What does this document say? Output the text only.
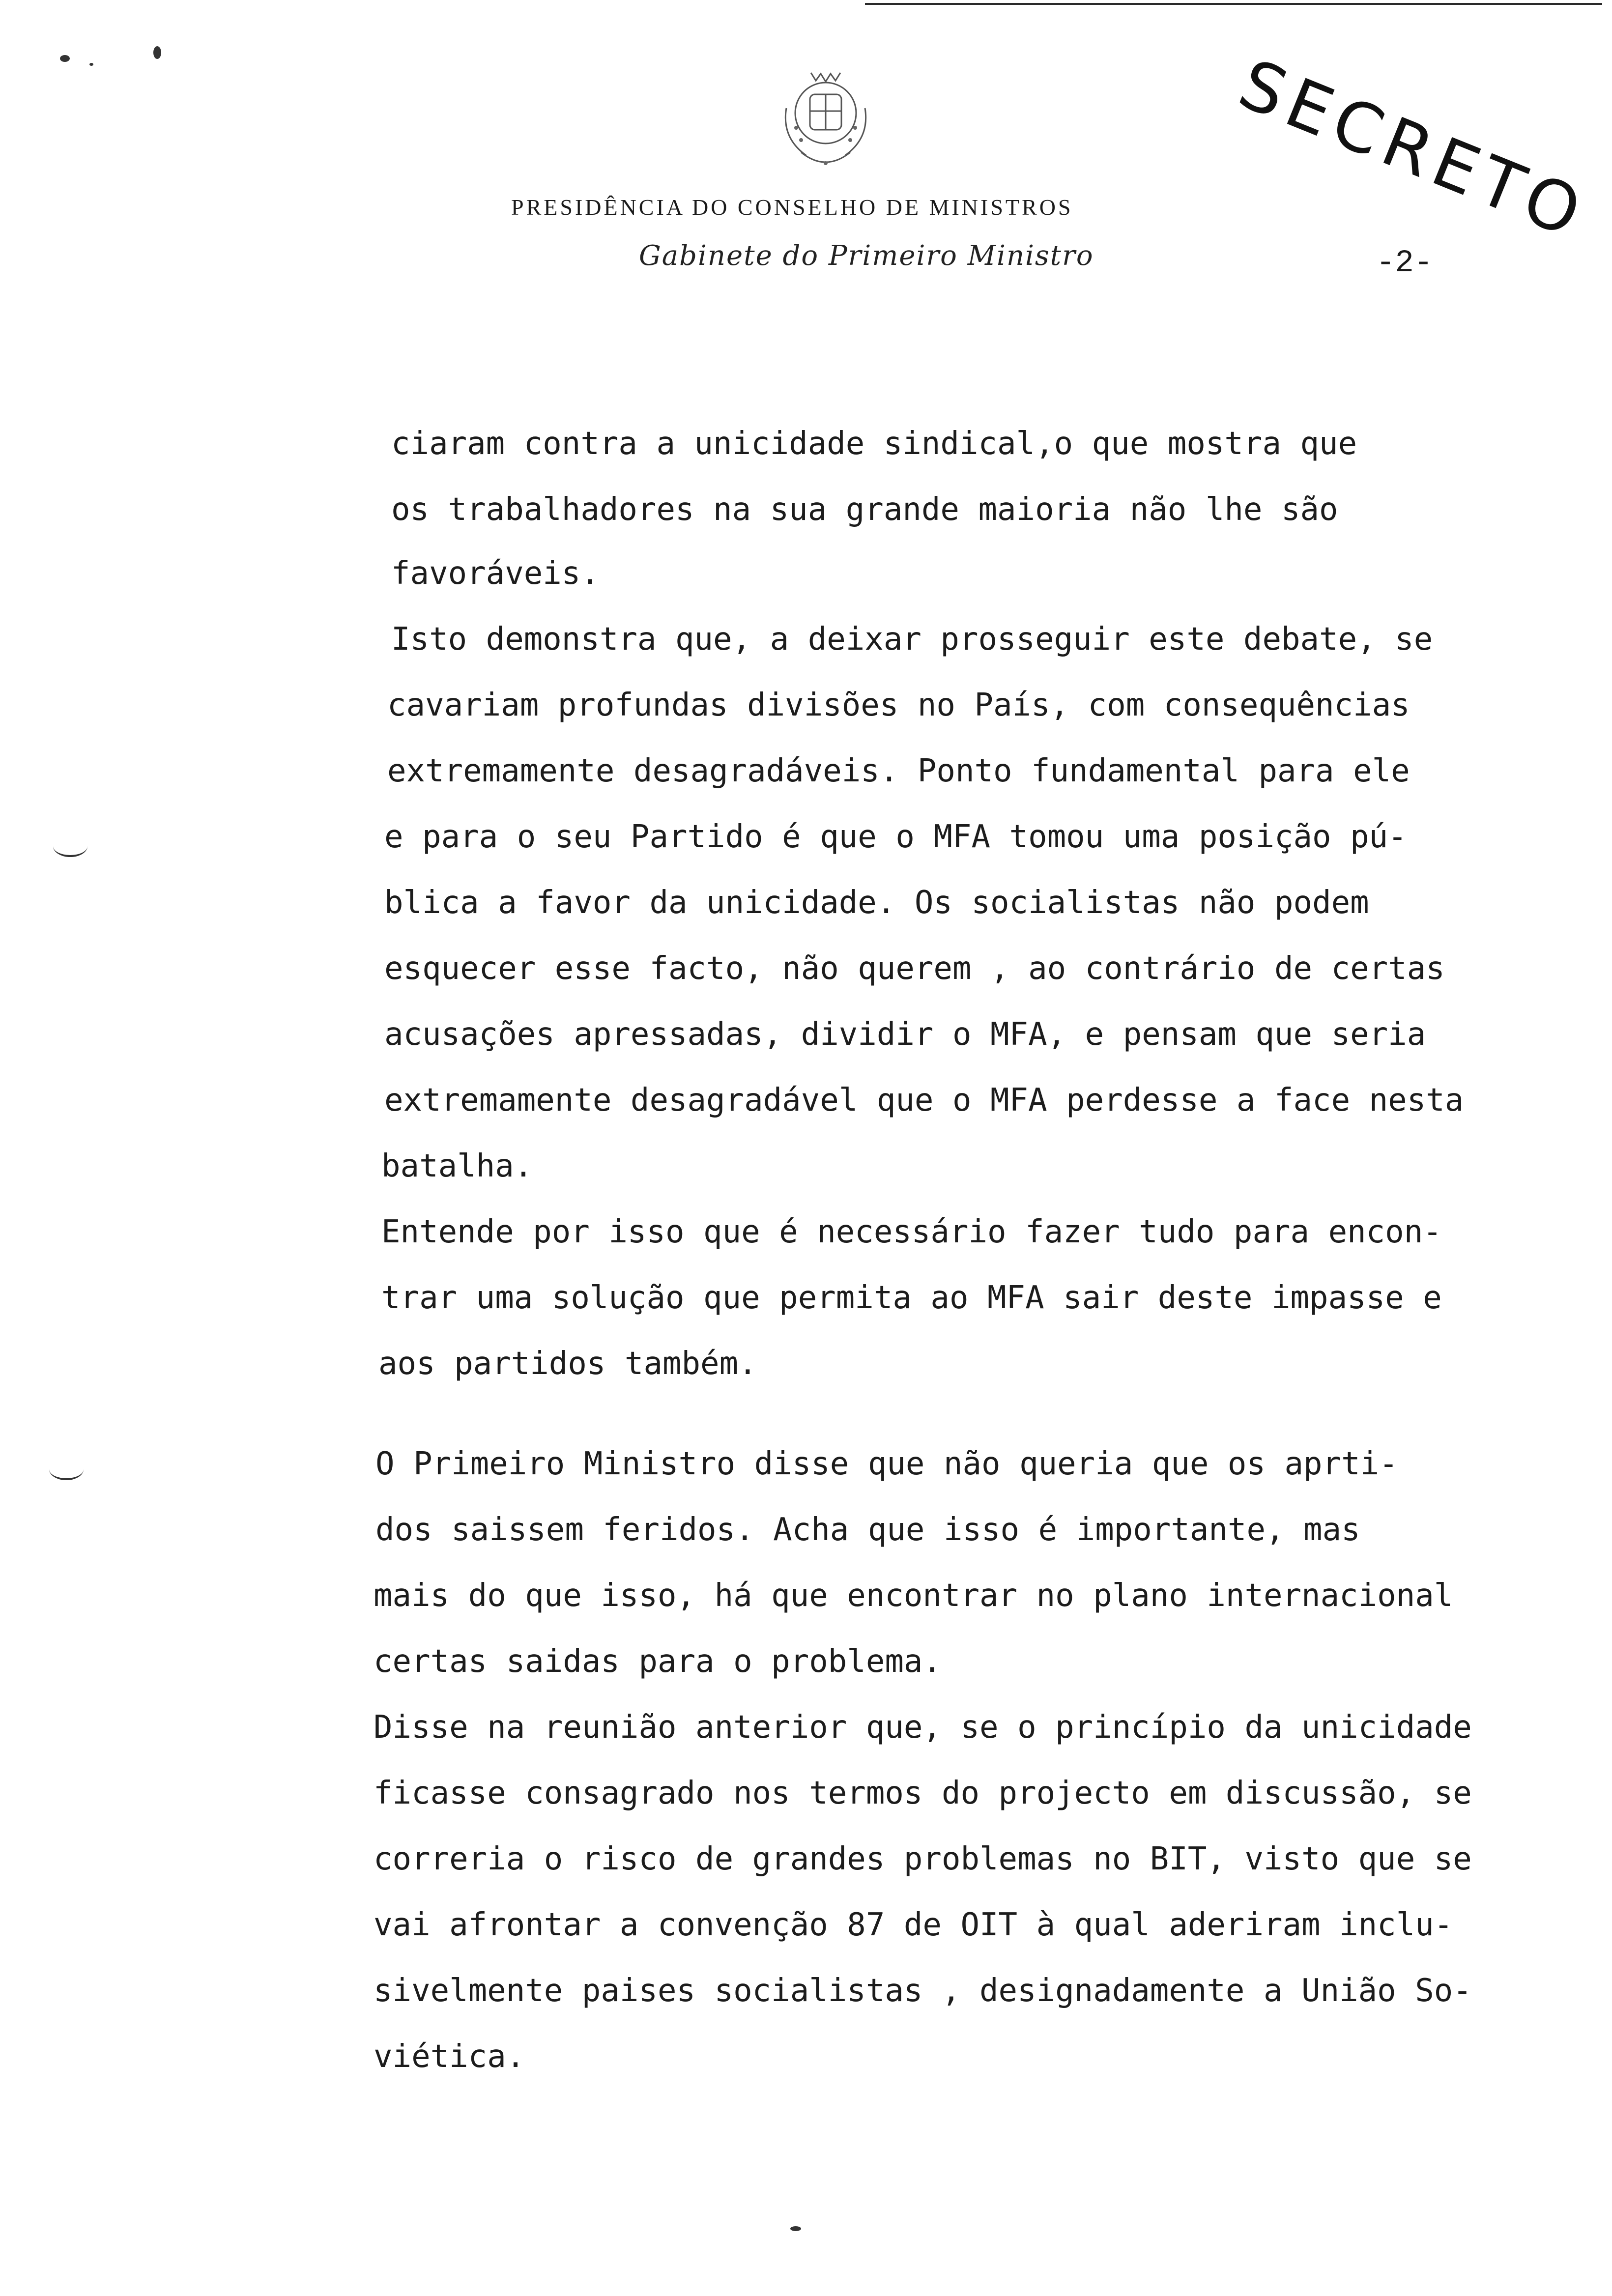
PRESIDÊNCIA DO CONSELHO DE MINISTROS
Gabinete do Primeiro Ministro	-2-
SECRETO
ciaram contra a unicidade sindical,o que mostra que
os trabalhadores na sua grande maioria não lhe são
favoráveis.
Isto demonstra que, a deixar prosseguir este debate, se
cavariam profundas divisões no País, com consequências
extremamente desagradáveis. Ponto fundamental para ele
e para o seu Partido é que o MFA tomou uma posição pú-
blica a favor da unicidade. Os socialistas não podem
esquecer esse facto, não querem , ao contrário de certas
acusações apressadas, dividir o MFA, e pensam que seria
extremamente desagradável que o MFA perdesse a face nesta
batalha.
Entende por isso que é necessário fazer tudo para encon-
trar uma solução que permita ao MFA sair deste impasse e
aos partidos também.
O Primeiro Ministro disse que não queria que os aprti-
dos saissem feridos. Acha que isso é importante, mas
mais do que isso, há que encontrar no plano internacional
certas saidas para o problema.
Disse na reunião anterior que, se o princípio da unicidade
ficasse consagrado nos termos do projecto em discussão, se
correria o risco de grandes problemas no BIT, visto que se
vai afrontar a convenção 87 de OIT à qual aderiram inclu-
sivelmente paises socialistas , designadamente a União So-
viética.
